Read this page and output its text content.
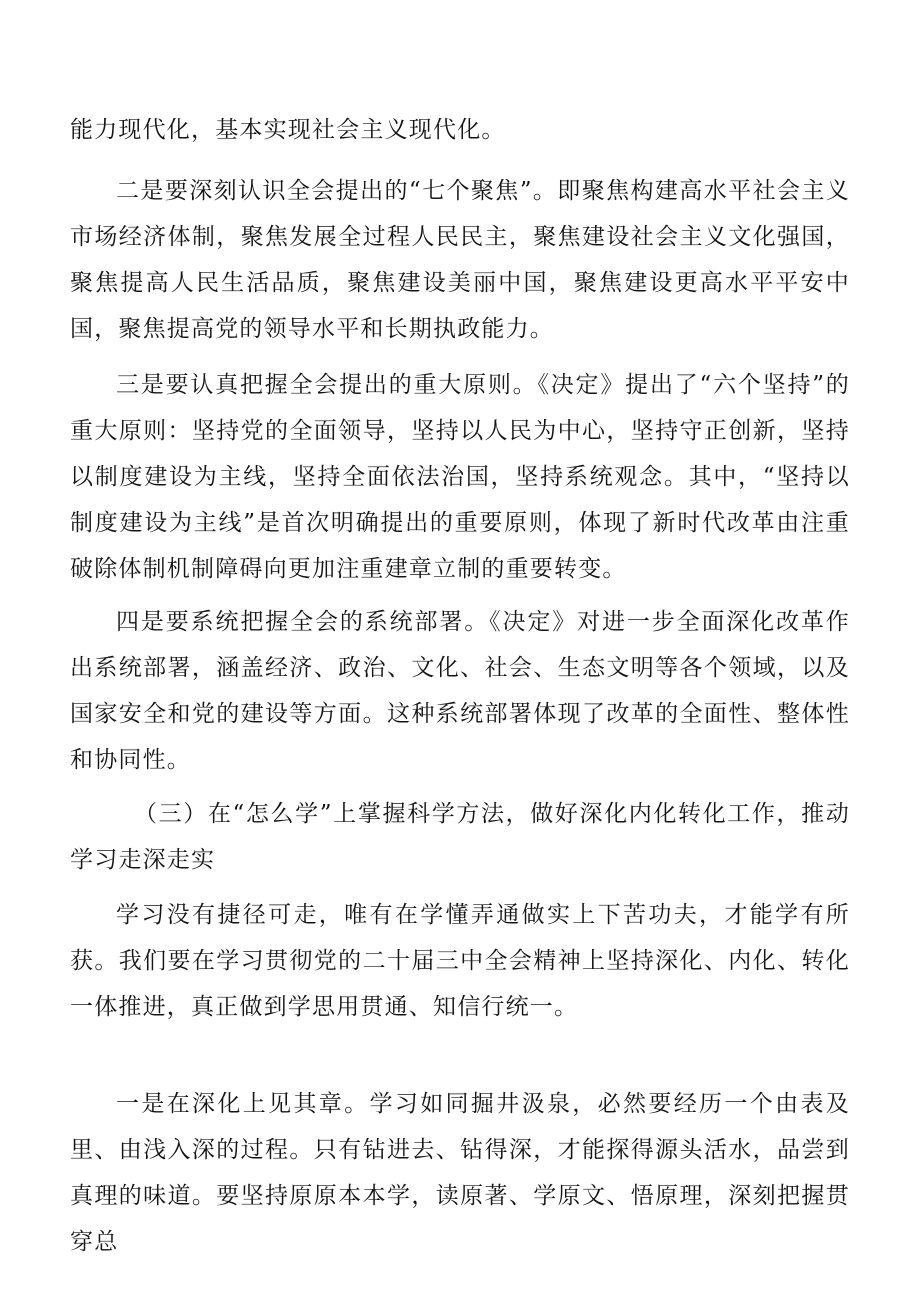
能力现代化，基本实现社会主义现代化。

二是要深刻认识全会提出的“七个聚焦”。即聚焦构建高水平社会主义市场经济体制，聚焦发展全过程人民民主，聚焦建设社会主义文化强国，聚焦提高人民生活品质，聚焦建设美丽中国，聚焦建设更高水平平安中国，聚焦提高党的领导水平和长期执政能力。

三是要认真把握全会提出的重大原则。《决定》提出了“六个坚持”的重大原则：坚持党的全面领导，坚持以人民为中心，坚持守正创新，坚持以制度建设为主线，坚持全面依法治国，坚持系统观念。其中，“坚持以制度建设为主线”是首次明确提出的重要原则，体现了新时代改革由注重破除体制机制障碍向更加注重建章立制的重要转变。

四是要系统把握全会的系统部署。《决定》对进一步全面深化改革作出系统部署，涵盖经济、政治、文化、社会、生态文明等各个领域，以及国家安全和党的建设等方面。这种系统部署体现了改革的全面性、整体性和协同性。

（三）在“怎么学”上掌握科学方法，做好深化内化转化工作，推动学习走深走实

学习没有捷径可走，唯有在学懂弄通做实上下苦功夫，才能学有所获。我们要在学习贯彻党的二十届三中全会精神上坚持深化、内化、转化一体推进，真正做到学思用贯通、知信行统一。

一是在深化上见其章。学习如同掘井汲泉，必然要经历一个由表及里、由浅入深的过程。只有钻进去、钻得深，才能探得源头活水，品尝到真理的味道。要坚持原原本本学，读原著、学原文、悟原理，深刻把握贯穿总
